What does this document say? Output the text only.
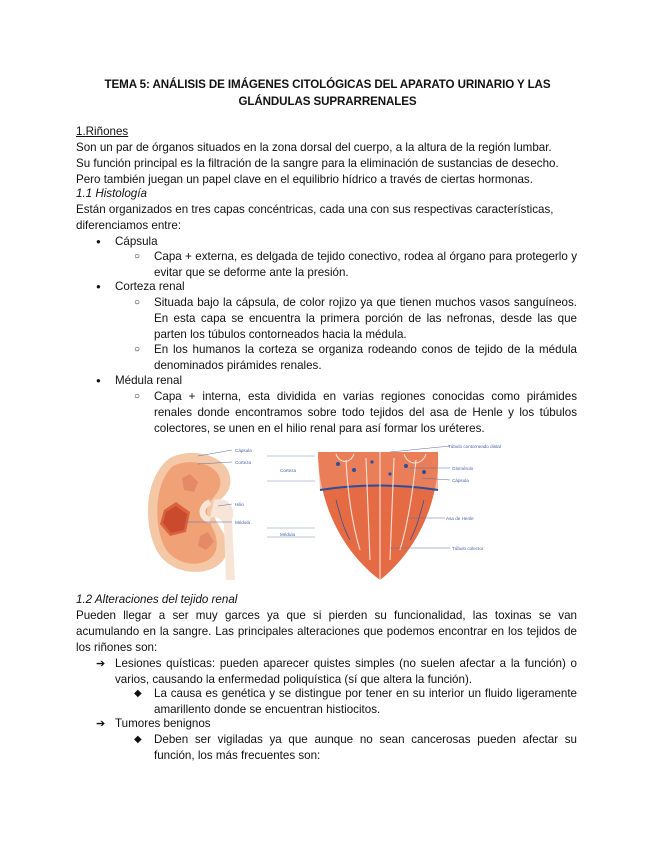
TEMA 5: ANÁLISIS DE IMÁGENES CITOLÓGICAS DEL APARATO URINARIO Y LAS
GLÁNDULAS SUPRARRENALES
1.Riñones
Son un par de órganos situados en la zona dorsal del cuerpo, a la altura de la región lumbar.
Su función principal es la filtración de la sangre para la eliminación de sustancias de desecho.
Pero también juegan un papel clave en el equilibrio hídrico a través de ciertas hormonas.
1.1 Histología
Están organizados en tres capas concéntricas, cada una con sus respectivas características,
diferenciamos entre:
● Cápsula
○ Capa + externa, es delgada de tejido conectivo, rodea al órgano para protegerlo y evitar que se deforme ante la presión.
● Corteza renal
○ Situada bajo la cápsula, de color rojizo ya que tienen muchos vasos sanguíneos. En esta capa se encuentra la primera porción de las nefronas, desde las que parten los túbulos contorneados hacia la médula.
○ En los humanos la corteza se organiza rodeando conos de tejido de la médula denominados pirámides renales.
● Médula renal
○ Capa + interna, esta dividida en varias regiones conocidas como pirámides renales donde encontramos sobre todo tejidos del asa de Henle y los túbulos colectores, se unen en el hilio renal para así formar los uréteres.
Cápsula
Corteza
Hilio
Médula
Corteza
Médula
Túbulo contorneado distal
Glomérulo
Cápsula
Asa de Henle
Túbulo colector
1.2 Alteraciones del tejido renal
Pueden llegar a ser muy garces ya que si pierden su funcionalidad, las toxinas se van acumulando en la sangre. Las principales alteraciones que podemos encontrar en los tejidos de los riñones son:
➔ Lesiones quísticas: pueden aparecer quistes simples (no suelen afectar a la función) o varios, causando la enfermedad poliquística (sí que altera la función).
◆ La causa es genética y se distingue por tener en su interior un fluido ligeramente amarillento donde se encuentran histiocitos.
➔ Tumores benignos
◆ Deben ser vigiladas ya que aunque no sean cancerosas pueden afectar su función, los más frecuentes son:
